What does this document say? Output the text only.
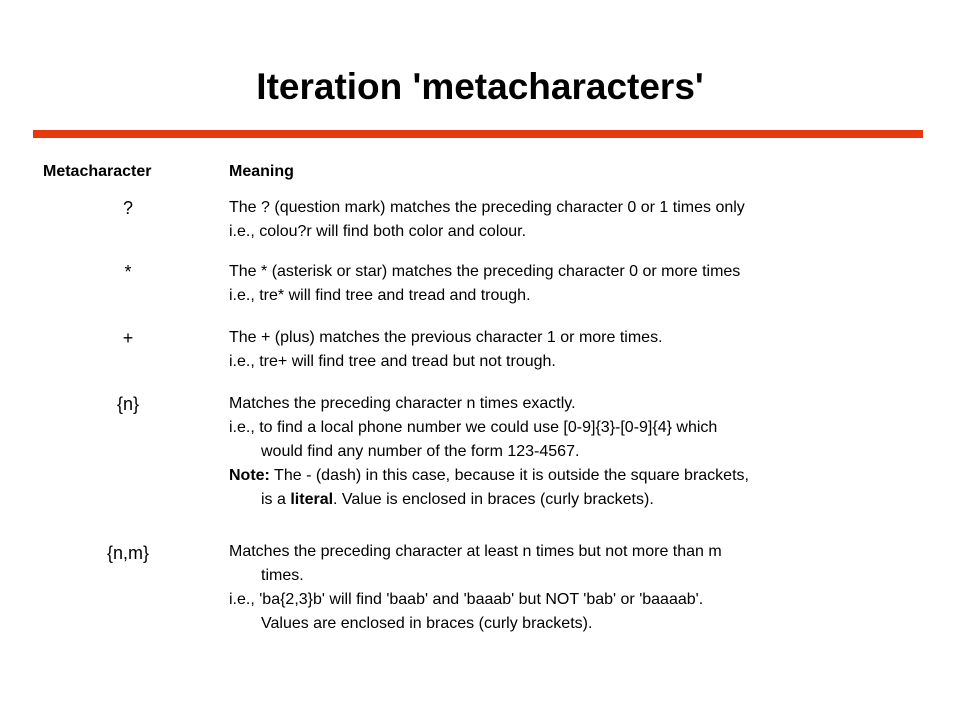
Iteration 'metacharacters'
Metacharacter	Meaning
?	The ? (question mark) matches the preceding character 0 or 1 times only
i.e., colou?r will find both color and colour.
*	The * (asterisk or star) matches the preceding character 0 or more times
i.e., tre* will find tree and tread and trough.
+	The + (plus) matches the previous character 1 or more times.
i.e., tre+ will find tree and tread but not trough.
{n}	Matches the preceding character n times exactly.
i.e., to find a local phone number we could use [0-9]{3}-[0-9]{4} which
would find any number of the form 123-4567.
Note: The - (dash) in this case, because it is outside the square brackets,
is a literal. Value is enclosed in braces (curly brackets).
{n,m}	Matches the preceding character at least n times but not more than m
times.
i.e., 'ba{2,3}b' will find 'baab' and 'baaab' but NOT 'bab' or 'baaaab'.
Values are enclosed in braces (curly brackets).
